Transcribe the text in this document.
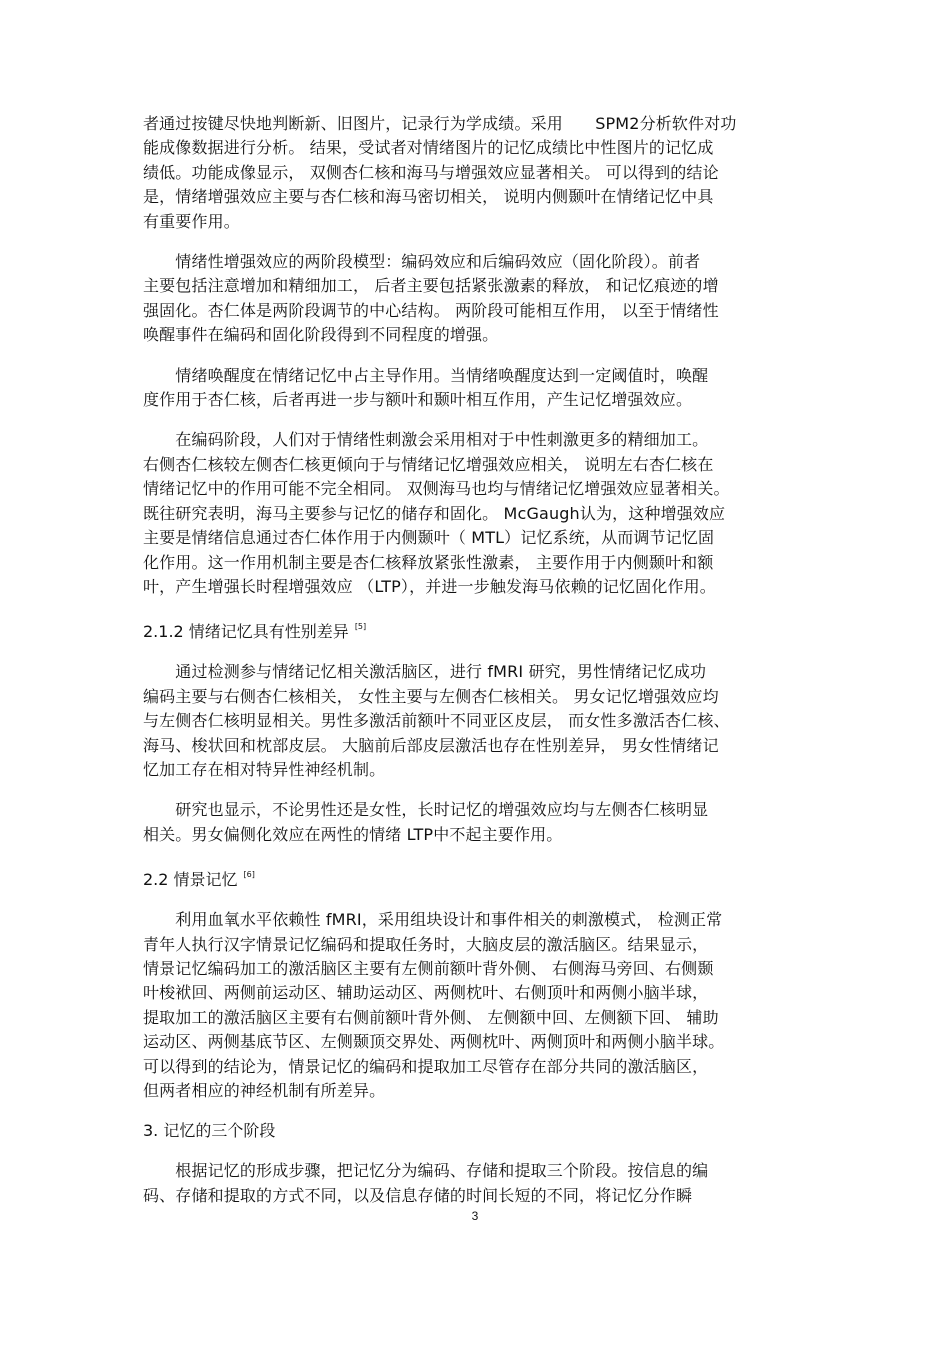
者通过按键尽快地判断新、旧图片，记录行为学成绩。采用　　SPM2分析软件对功
能成像数据进行分析。 结果，受试者对情绪图片的记忆成绩比中性图片的记忆成
绩低。功能成像显示， 双侧杏仁核和海马与增强效应显著相关。 可以得到的结论
是，情绪增强效应主要与杏仁核和海马密切相关， 说明内侧颞叶在情绪记忆中具
有重要作用。
　　情绪性增强效应的两阶段模型：编码效应和后编码效应（固化阶段）。前者
主要包括注意增加和精细加工， 后者主要包括紧张激素的释放， 和记忆痕迹的增
强固化。杏仁体是两阶段调节的中心结构。 两阶段可能相互作用， 以至于情绪性
唤醒事件在编码和固化阶段得到不同程度的增强。
　　情绪唤醒度在情绪记忆中占主导作用。当情绪唤醒度达到一定阈值时，唤醒
度作用于杏仁核，后者再进一步与额叶和颞叶相互作用，产生记忆增强效应。
　　在编码阶段，人们对于情绪性刺激会采用相对于中性刺激更多的精细加工。
右侧杏仁核较左侧杏仁核更倾向于与情绪记忆增强效应相关， 说明左右杏仁核在
情绪记忆中的作用可能不完全相同。 双侧海马也均与情绪记忆增强效应显著相关。
既往研究表明，海马主要参与记忆的储存和固化。 McGaugh认为，这种增强效应
主要是情绪信息通过杏仁体作用于内侧颞叶（ MTL）记忆系统，从而调节记忆固
化作用。这一作用机制主要是杏仁核释放紧张性激素， 主要作用于内侧颞叶和额
叶，产生增强长时程增强效应 （LTP），并进一步触发海马依赖的记忆固化作用。
2.1.2 情绪记忆具有性别差异 [5]
　　通过检测参与情绪记忆相关激活脑区，进行 fMRI 研究，男性情绪记忆成功
编码主要与右侧杏仁核相关， 女性主要与左侧杏仁核相关。 男女记忆增强效应均
与左侧杏仁核明显相关。男性多激活前额叶不同亚区皮层， 而女性多激活杏仁核、
海马、梭状回和枕部皮层。 大脑前后部皮层激活也存在性别差异， 男女性情绪记
忆加工存在相对特异性神经机制。
　　研究也显示，不论男性还是女性，长时记忆的增强效应均与左侧杏仁核明显
相关。男女偏侧化效应在两性的情绪 LTP中不起主要作用。
2.2 情景记忆 [6]
　　利用血氧水平依赖性 fMRI，采用组块设计和事件相关的刺激模式， 检测正常
青年人执行汉字情景记忆编码和提取任务时，大脑皮层的激活脑区。结果显示，
情景记忆编码加工的激活脑区主要有左侧前额叶背外侧、 右侧海马旁回、右侧颞
叶梭袱回、两侧前运动区、辅助运动区、两侧枕叶、右侧顶叶和两侧小脑半球，
提取加工的激活脑区主要有右侧前额叶背外侧、 左侧额中回、左侧额下回、 辅助
运动区、两侧基底节区、左侧颞顶交界处、两侧枕叶、两侧顶叶和两侧小脑半球。
可以得到的结论为，情景记忆的编码和提取加工尽管存在部分共同的激活脑区，
但两者相应的神经机制有所差异。
3. 记忆的三个阶段
　　根据记忆的形成步骤，把记忆分为编码、存储和提取三个阶段。按信息的编
码、存储和提取的方式不同，以及信息存储的时间长短的不同，将记忆分作瞬
3
